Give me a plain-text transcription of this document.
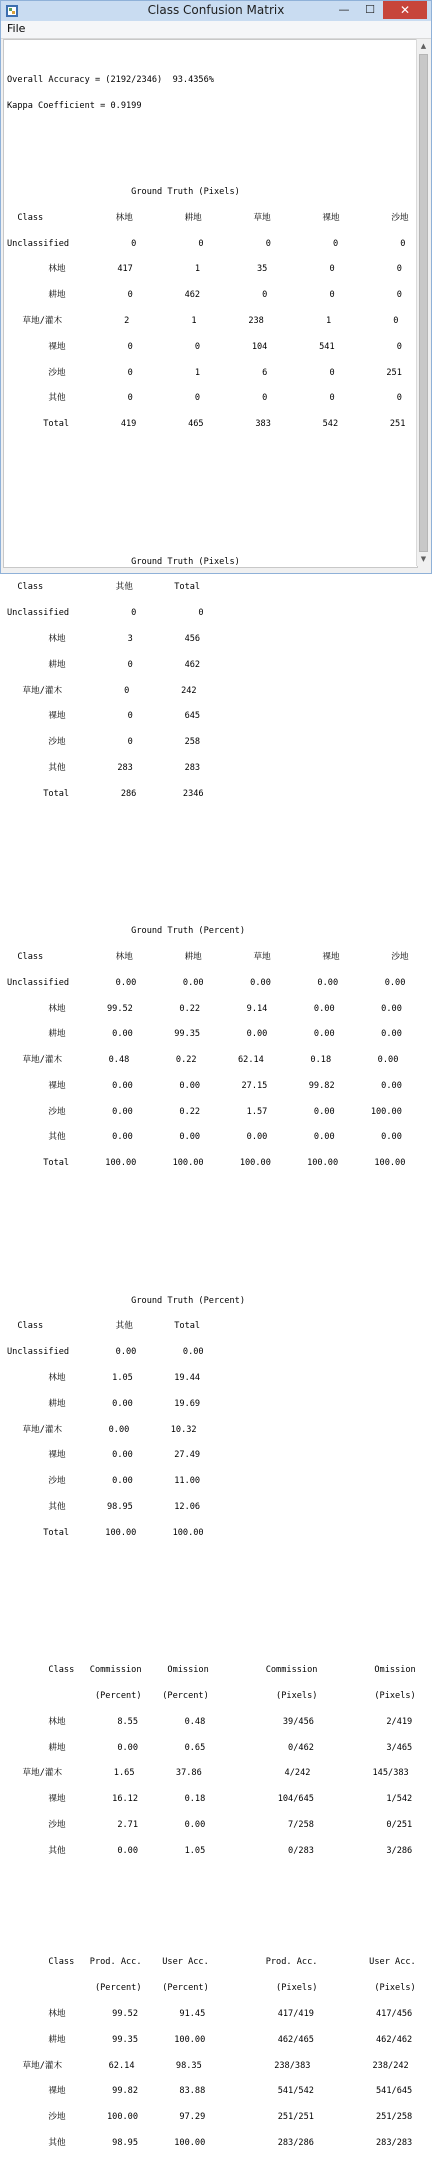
Class Confusion Matrix	—	☐	✕
File

Overall Accuracy = (2192/2346)  93.4356%

Kappa Coefficient = 0.9199

Ground Truth (Pixels)

Class              林地          耕地          草地          裸地          沙地

Unclassified            0            0            0            0            0

林地          417            1           35            0            0

耕地            0          462            0            0            0

草地/灌木            2            1          238            1            0

裸地            0            0          104          541            0

沙地            0            1            6            0          251

其他            0            0            0            0            0

Total          419          465          383          542          251

Ground Truth (Pixels)

Class              其他        Total

Unclassified            0            0

林地            3          456

耕地            0          462

草地/灌木            0          242

裸地            0          645

沙地            0          258

其他          283          283

Total          286         2346

Ground Truth (Percent)

Class              林地          耕地          草地          裸地          沙地

Unclassified         0.00         0.00         0.00         0.00         0.00

林地        99.52         0.22         9.14         0.00         0.00

耕地         0.00        99.35         0.00         0.00         0.00

草地/灌木         0.48         0.22        62.14         0.18         0.00

裸地         0.00         0.00        27.15        99.82         0.00

沙地         0.00         0.22         1.57         0.00       100.00

其他         0.00         0.00         0.00         0.00         0.00

Total       100.00       100.00       100.00       100.00       100.00

Ground Truth (Percent)

Class              其他        Total

Unclassified         0.00         0.00

林地         1.05        19.44

耕地         0.00        19.69

草地/灌木         0.00        10.32

裸地         0.00        27.49

沙地         0.00        11.00

其他        98.95        12.06

Total       100.00       100.00

Class   Commission     Omission           Commission           Omission

(Percent)    (Percent)             (Pixels)           (Pixels)

林地          8.55         0.48               39/456              2/419

耕地          0.00         0.65                0/462              3/465

草地/灌木          1.65        37.86                4/242            145/383

裸地         16.12         0.18              104/645              1/542

沙地          2.71         0.00                7/258              0/251

其他          0.00         1.05                0/283              3/286

Class   Prod. Acc.    User Acc.           Prod. Acc.          User Acc.

(Percent)    (Percent)             (Pixels)           (Pixels)

林地         99.52        91.45              417/419            417/456

耕地         99.35       100.00              462/465            462/462

草地/灌木         62.14        98.35              238/383            238/242

裸地         99.82        83.88              541/542            541/645

沙地        100.00        97.29              251/251            251/258

其他         98.95       100.00              283/286            283/283

▲
▼
